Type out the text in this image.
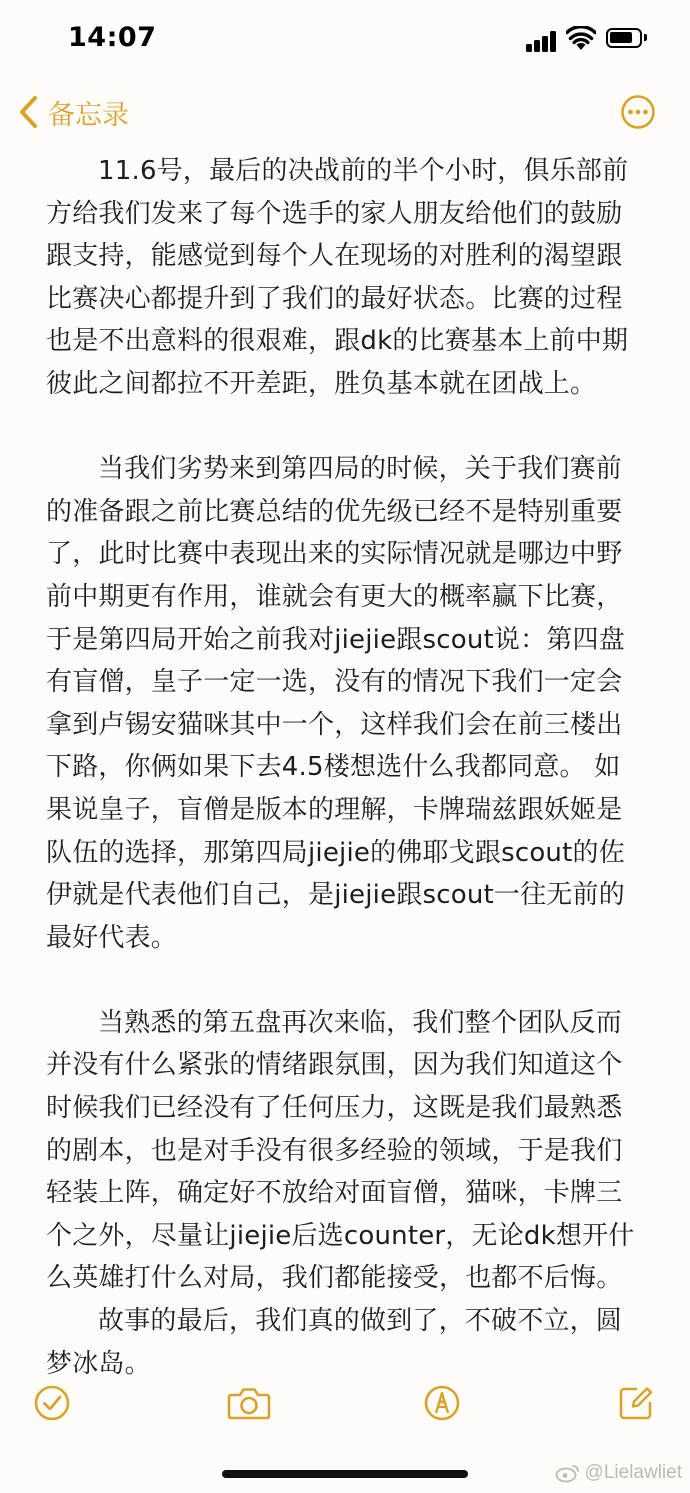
14:07
备忘录

11.6号，最后的决战前的半个小时，俱乐部前方给我们发来了每个选手的家人朋友给他们的鼓励跟支持，能感觉到每个人在现场的对胜利的渴望跟比赛决心都提升到了我们的最好状态。比赛的过程也是不出意料的很艰难，跟dk的比赛基本上前中期彼此之间都拉不开差距，胜负基本就在团战上。

当我们劣势来到第四局的时候，关于我们赛前的准备跟之前比赛总结的优先级已经不是特别重要了，此时比赛中表现出来的实际情况就是哪边中野前中期更有作用，谁就会有更大的概率赢下比赛，于是第四局开始之前我对jiejie跟scout说：第四盘有盲僧，皇子一定一选，没有的情况下我们一定会拿到卢锡安猫咪其中一个，这样我们会在前三楼出下路，你俩如果下去4.5楼想选什么我都同意。 如果说皇子，盲僧是版本的理解，卡牌瑞兹跟妖姬是队伍的选择，那第四局jiejie的佛耶戈跟scout的佐伊就是代表他们自己，是jiejie跟scout一往无前的最好代表。

当熟悉的第五盘再次来临，我们整个团队反而并没有什么紧张的情绪跟氛围，因为我们知道这个时候我们已经没有了任何压力，这既是我们最熟悉的剧本，也是对手没有很多经验的领域，于是我们轻装上阵，确定好不放给对面盲僧，猫咪，卡牌三个之外，尽量让jiejie后选counter，无论dk想开什么英雄打什么对局，我们都能接受，也都不后悔。

故事的最后，我们真的做到了，不破不立，圆梦冰岛。

@Lielawliet
